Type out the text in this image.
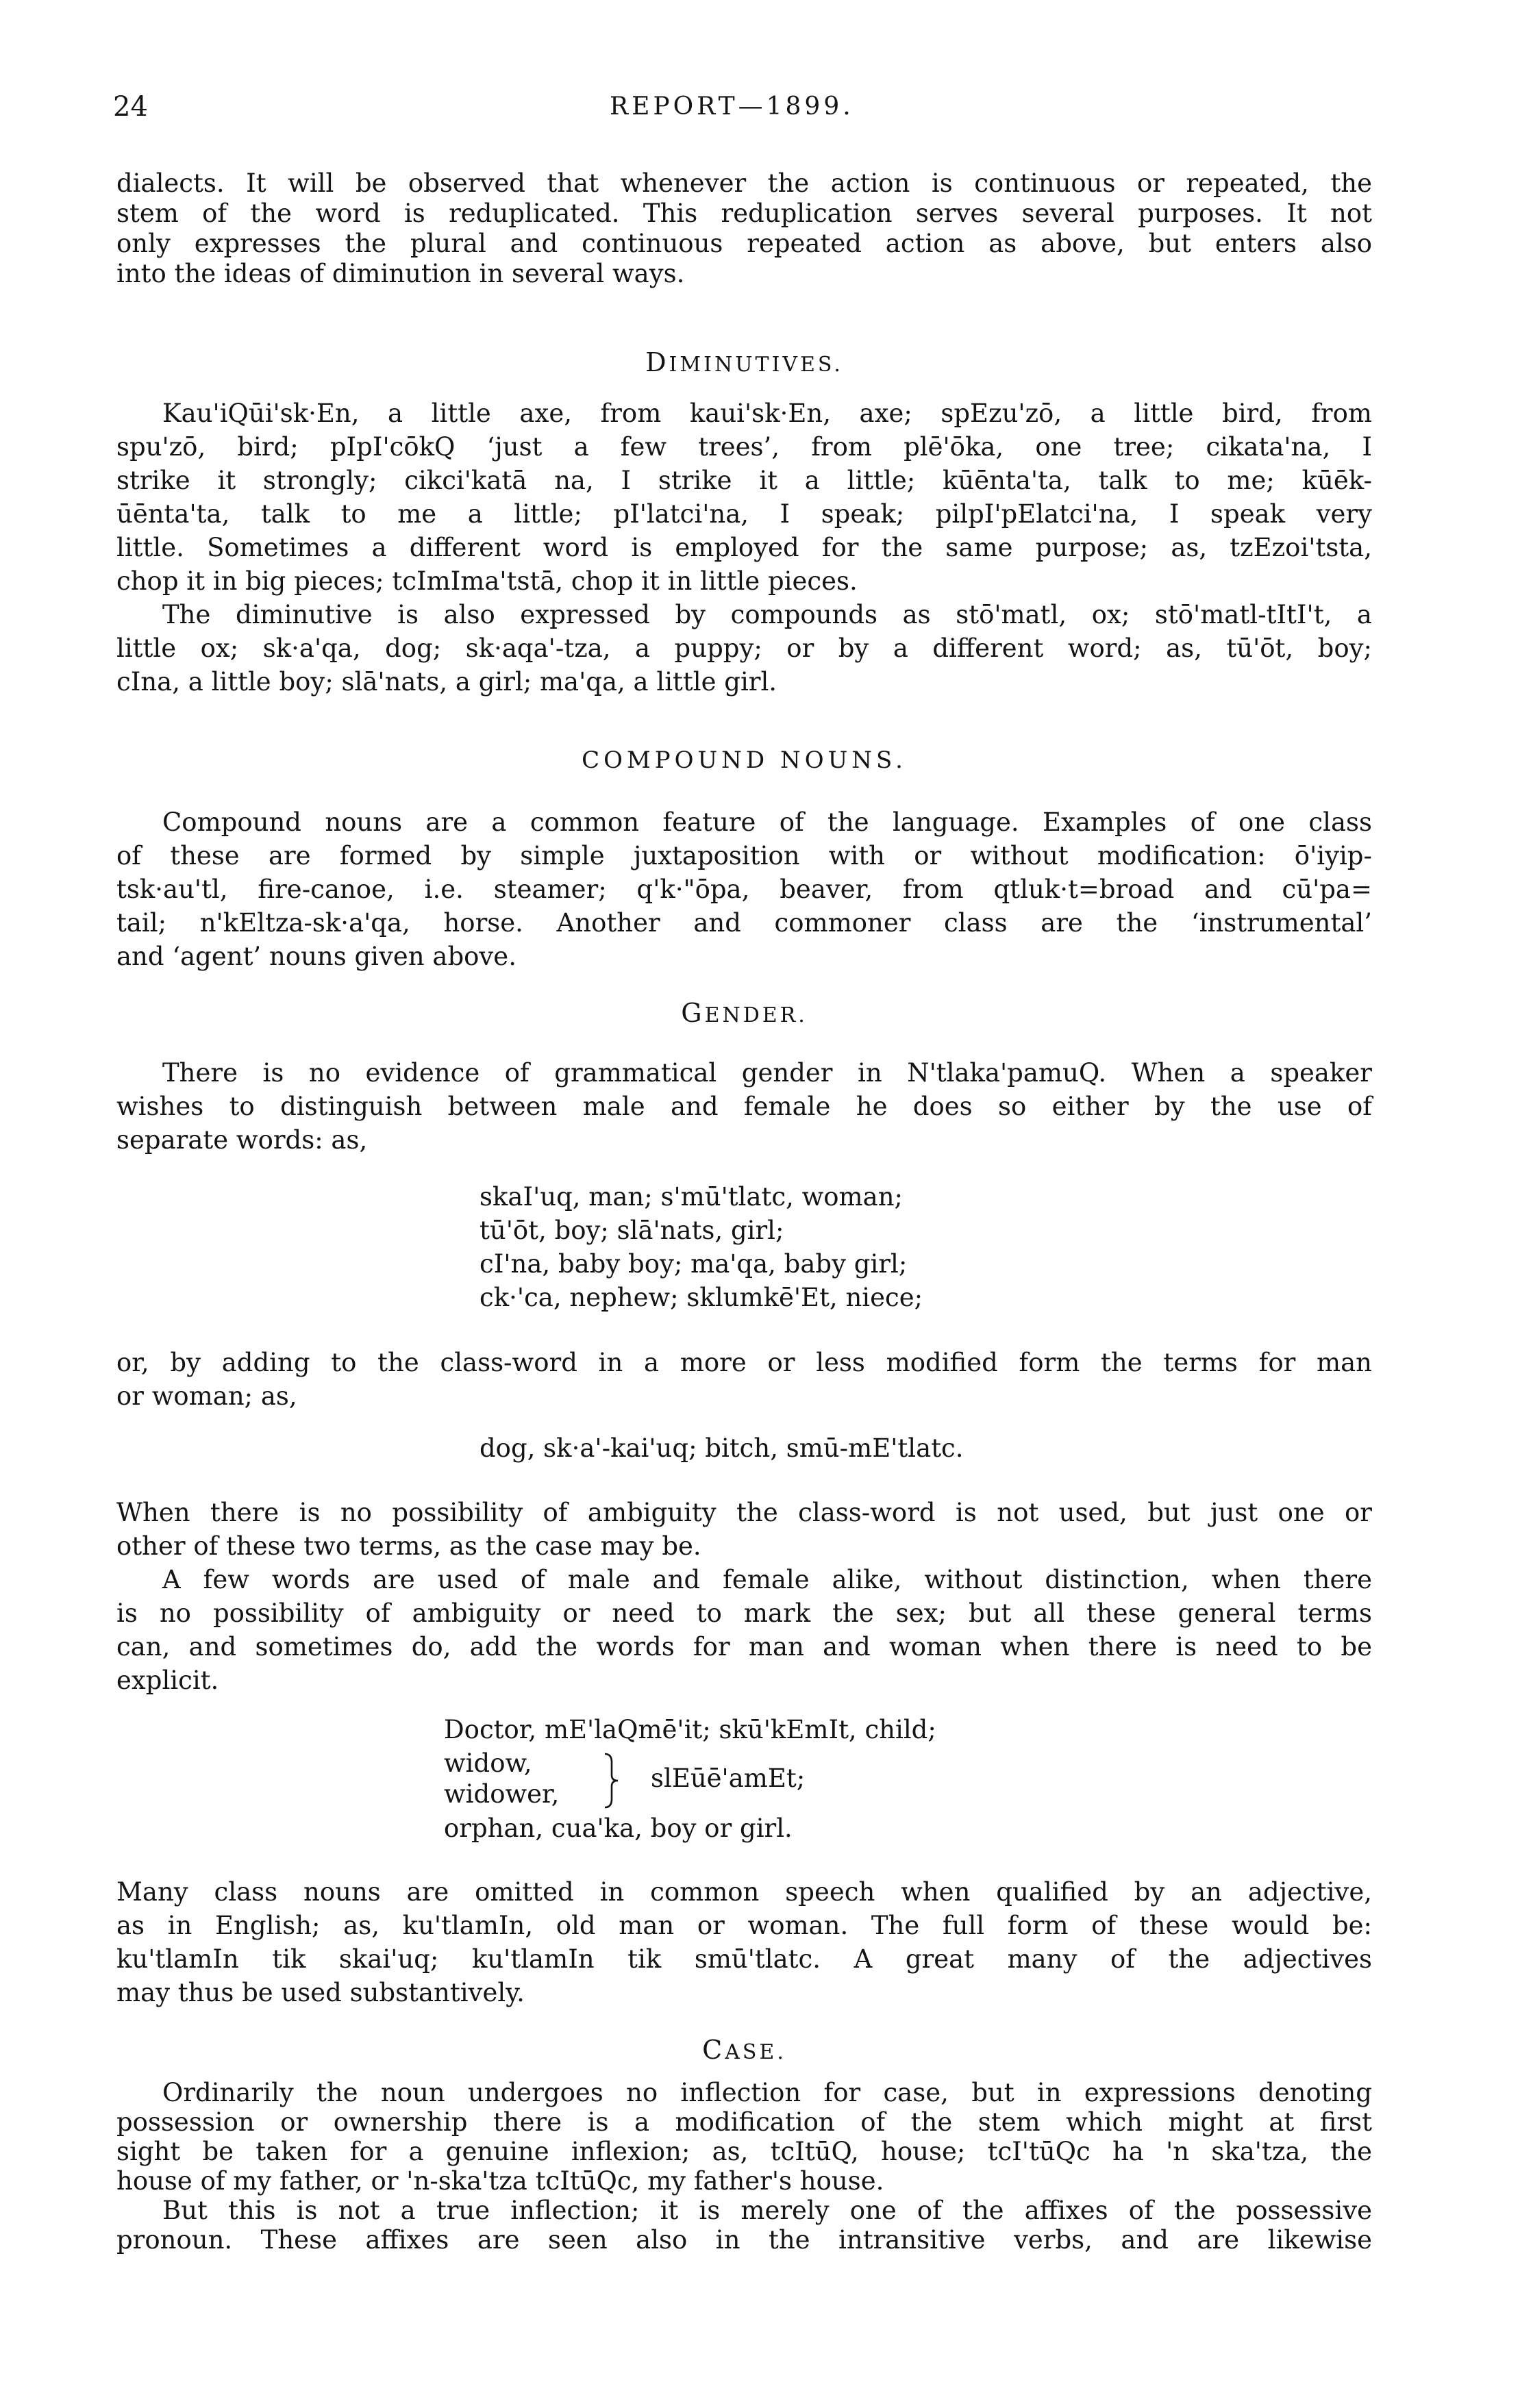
24	REPORT—1899.
dialects. It will be observed that whenever the action is continuous or repeated, the
stem of the word is reduplicated. This reduplication serves several purposes. It not
only expresses the plural and continuous repeated action as above, but enters also
into the ideas of diminution in several ways.
DIMINUTIVES.
Kau'iQūi'sk·En, a little axe, from kaui'sk·En, axe; spEzu'zō, a little bird, from
spu'zō, bird; pIpI'cōkQ ‘just a few trees’, from plē'ōka, one tree; cikata'na, I
strike it strongly; cikci'katā na, I strike it a little; kūēnta'ta, talk to me; kūēk-
ūēnta'ta, talk to me a little; pI'latci'na, I speak; pilpI'pElatci'na, I speak very
little. Sometimes a different word is employed for the same purpose; as, tzEzoi'tsta,
chop it in big pieces; tcImIma'tstā, chop it in little pieces.
The diminutive is also expressed by compounds as stō'matl, ox; stō'matl-tItI't, a
little ox; sk·a'qa, dog; sk·aqa'-tza, a puppy; or by a different word; as, tū'ōt, boy;
cIna, a little boy; slā'nats, a girl; ma'qa, a little girl.
COMPOUND NOUNS.
Compound nouns are a common feature of the language. Examples of one class
of these are formed by simple juxtaposition with or without modification: ō'iyip-
tsk·au'tl, fire-canoe, i.e. steamer; q'k·"ōpa, beaver, from qtluk·t=broad and cū'pa=
tail; n'kEltza-sk·a'qa, horse. Another and commoner class are the ‘instrumental’
and ‘agent’ nouns given above.
GENDER.
There is no evidence of grammatical gender in N'tlaka'pamuQ. When a speaker
wishes to distinguish between male and female he does so either by the use of
separate words: as,
skaI'uq, man; s'mū'tlatc, woman;
tū'ōt, boy; slā'nats, girl;
cI'na, baby boy; ma'qa, baby girl;
ck·'ca, nephew; sklumkē'Et, niece;
or, by adding to the class-word in a more or less modified form the terms for man
or woman; as,
dog, sk·a'-kai'uq; bitch, smū-mE'tlatc.
When there is no possibility of ambiguity the class-word is not used, but just one or
other of these two terms, as the case may be.
A few words are used of male and female alike, without distinction, when there
is no possibility of ambiguity or need to mark the sex; but all these general terms
can, and sometimes do, add the words for man and woman when there is need to be
explicit.
Doctor, mE'laQmē'it; skū'kEmIt, child;
widow,
widower,
slEūē'amEt;
orphan, cua'ka, boy or girl.
Many class nouns are omitted in common speech when qualified by an adjective,
as in English; as, ku'tlamIn, old man or woman. The full form of these would be:
ku'tlamIn tik skai'uq; ku'tlamIn tik smū'tlatc. A great many of the adjectives
may thus be used substantively.
CASE.
Ordinarily the noun undergoes no inflection for case, but in expressions denoting
possession or ownership there is a modification of the stem which might at first
sight be taken for a genuine inflexion; as, tcItūQ, house; tcI'tūQc ha 'n ska'tza, the
house of my father, or 'n-ska'tza tcItūQc, my father's house.
But this is not a true inflection; it is merely one of the affixes of the possessive
pronoun. These affixes are seen also in the intransitive verbs, and are likewise
